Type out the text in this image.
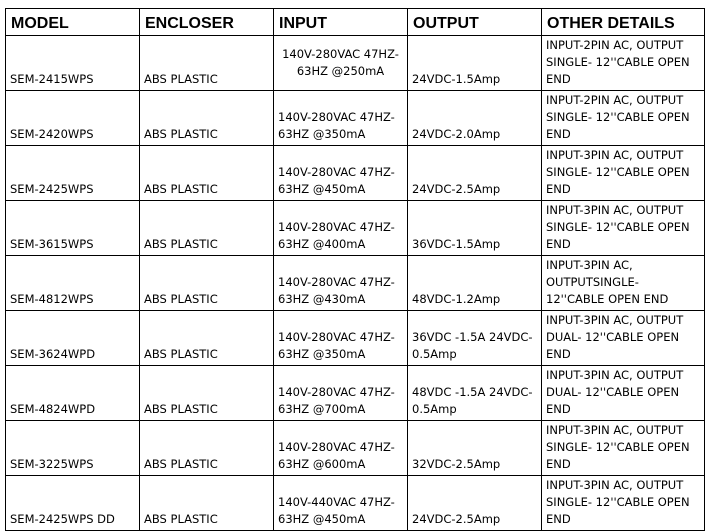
MODEL	ENCLOSER	INPUT	OUTPUT	OTHER DETAILS
SEM-2415WPS	ABS PLASTIC	140V-280VAC 47HZ-63HZ @250mA	24VDC-1.5Amp	INPUT-2PIN AC, OUTPUT SINGLE- 12''CABLE OPEN END
SEM-2420WPS	ABS PLASTIC	140V-280VAC 47HZ-63HZ @350mA	24VDC-2.0Amp	INPUT-2PIN AC, OUTPUT SINGLE- 12''CABLE OPEN END
SEM-2425WPS	ABS PLASTIC	140V-280VAC 47HZ-63HZ @450mA	24VDC-2.5Amp	INPUT-3PIN AC, OUTPUT SINGLE- 12''CABLE OPEN END
SEM-3615WPS	ABS PLASTIC	140V-280VAC 47HZ-63HZ @400mA	36VDC-1.5Amp	INPUT-3PIN AC, OUTPUT SINGLE- 12''CABLE OPEN END
SEM-4812WPS	ABS PLASTIC	140V-280VAC 47HZ-63HZ @430mA	48VDC-1.2Amp	INPUT-3PIN AC, OUTPUTSINGLE- 12''CABLE OPEN END
SEM-3624WPD	ABS PLASTIC	140V-280VAC 47HZ-63HZ @350mA	36VDC -1.5A 24VDC-0.5Amp	INPUT-3PIN AC, OUTPUT DUAL- 12''CABLE OPEN END
SEM-4824WPD	ABS PLASTIC	140V-280VAC 47HZ-63HZ @700mA	48VDC -1.5A 24VDC-0.5Amp	INPUT-3PIN AC, OUTPUT DUAL- 12''CABLE OPEN END
SEM-3225WPS	ABS PLASTIC	140V-280VAC 47HZ-63HZ @600mA	32VDC-2.5Amp	INPUT-3PIN AC, OUTPUT SINGLE- 12''CABLE OPEN END
SEM-2425WPS DD	ABS PLASTIC	140V-440VAC 47HZ-63HZ @450mA	24VDC-2.5Amp	INPUT-3PIN AC, OUTPUT SINGLE- 12''CABLE OPEN END
